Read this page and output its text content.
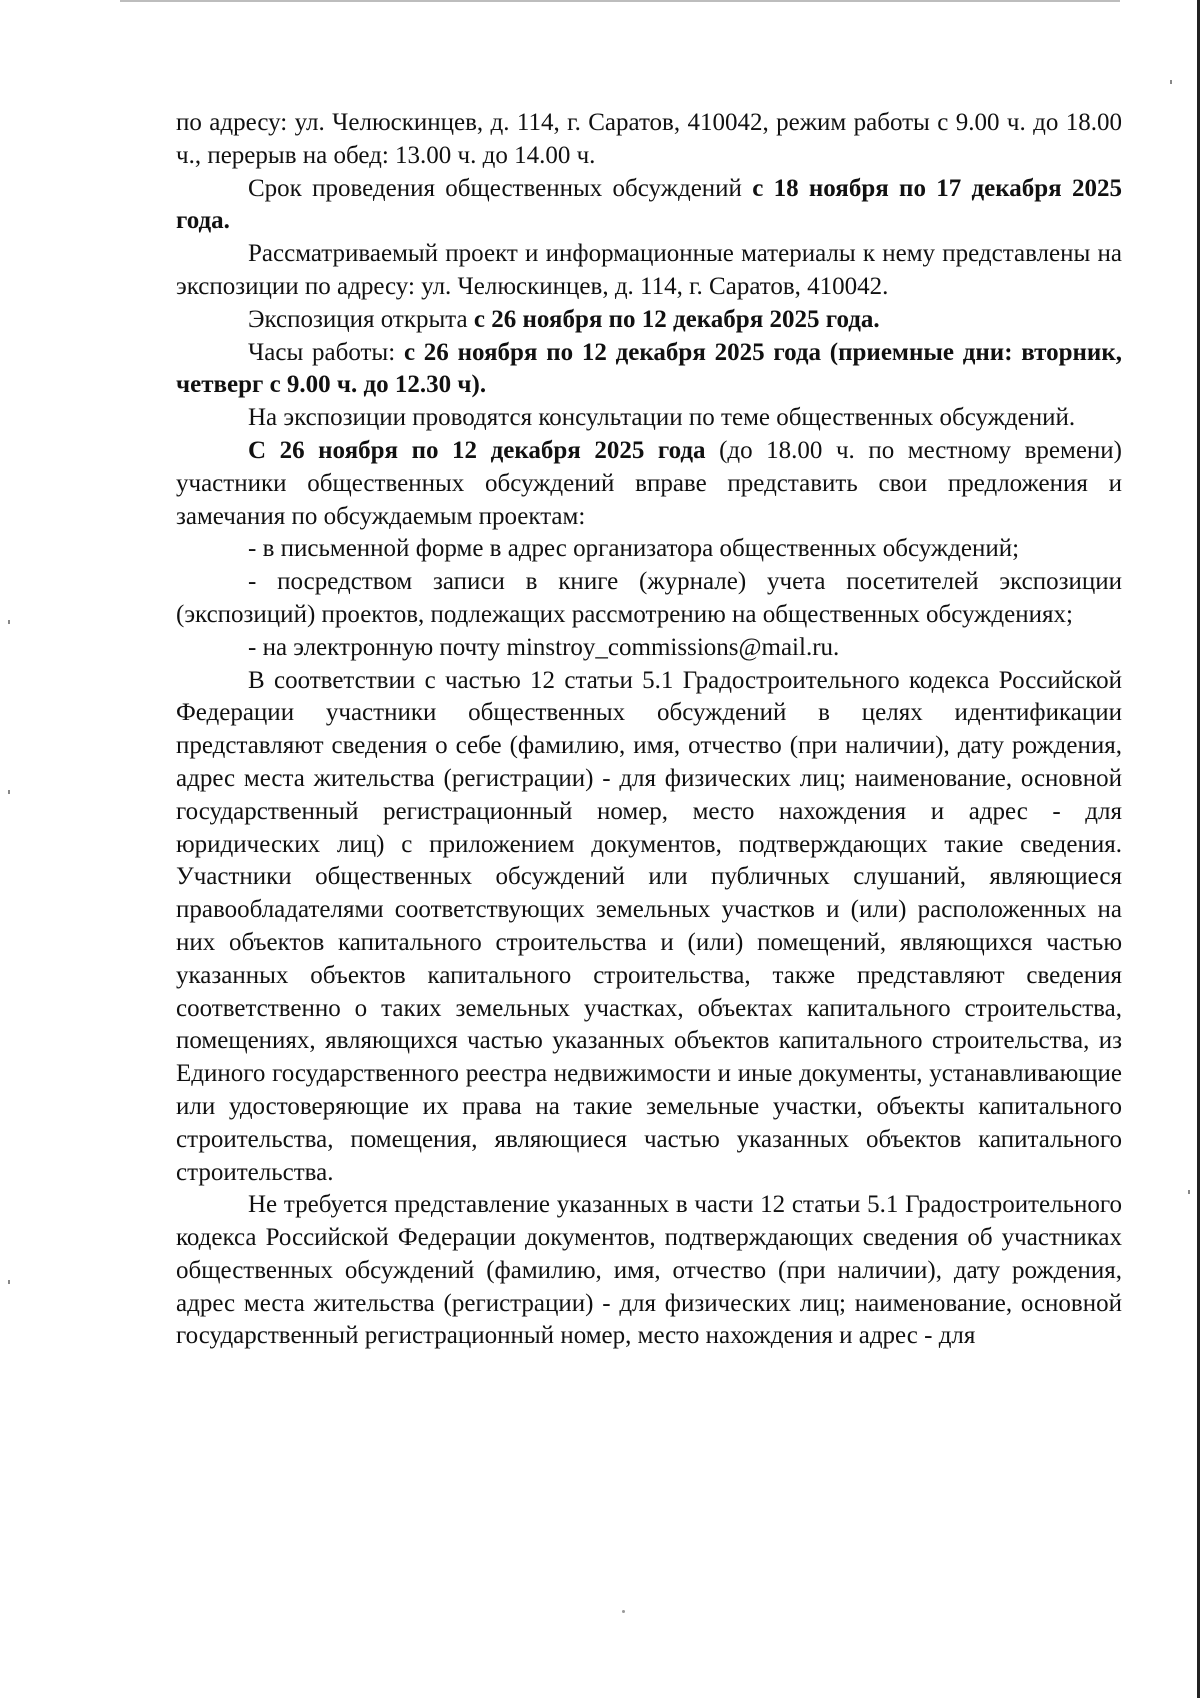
по адресу: ул. Челюскинцев, д. 114, г. Саратов, 410042, режим работы с 9.00 ч. до 18.00 ч., перерыв на обед: 13.00 ч. до 14.00 ч.

Срок проведения общественных обсуждений с 18 ноября по 17 декабря 2025 года.

Рассматриваемый проект и информационные материалы к нему представлены на экспозиции по адресу: ул. Челюскинцев, д. 114, г. Саратов, 410042.

Экспозиция открыта с 26 ноября по 12 декабря 2025 года.

Часы работы: с 26 ноября по 12 декабря 2025 года (приемные дни: вторник, четверг с 9.00 ч. до 12.30 ч).

На экспозиции проводятся консультации по теме общественных обсуждений.

С 26 ноября по 12 декабря 2025 года (до 18.00 ч. по местному времени) участники общественных обсуждений вправе представить свои предложения и замечания по обсуждаемым проектам:

- в письменной форме в адрес организатора общественных обсуждений;

- посредством записи в книге (журнале) учета посетителей экспозиции (экспозиций) проектов, подлежащих рассмотрению на общественных обсуждениях;

- на электронную почту minstroy_commissions@mail.ru.

В соответствии с частью 12 статьи 5.1 Градостроительного кодекса Российской Федерации участники общественных обсуждений в целях идентификации представляют сведения о себе (фамилию, имя, отчество (при наличии), дату рождения, адрес места жительства (регистрации) - для физических лиц; наименование, основной государственный регистрационный номер, место нахождения и адрес - для юридических лиц) с приложением документов, подтверждающих такие сведения. Участники общественных обсуждений или публичных слушаний, являющиеся правообладателями соответствующих земельных участков и (или) расположенных на них объектов капитального строительства и (или) помещений, являющихся частью указанных объектов капитального строительства, также представляют сведения соответственно о таких земельных участках, объектах капитального строительства, помещениях, являющихся частью указанных объектов капитального строительства, из Единого государственного реестра недвижимости и иные документы, устанавливающие или удостоверяющие их права на такие земельные участки, объекты капитального строительства, помещения, являющиеся частью указанных объектов капитального строительства.

Не требуется представление указанных в части 12 статьи 5.1 Градостроительного кодекса Российской Федерации документов, подтверждающих сведения об участниках общественных обсуждений (фамилию, имя, отчество (при наличии), дату рождения, адрес места жительства (регистрации) - для физических лиц; наименование, основной государственный регистрационный номер, место нахождения и адрес - для
